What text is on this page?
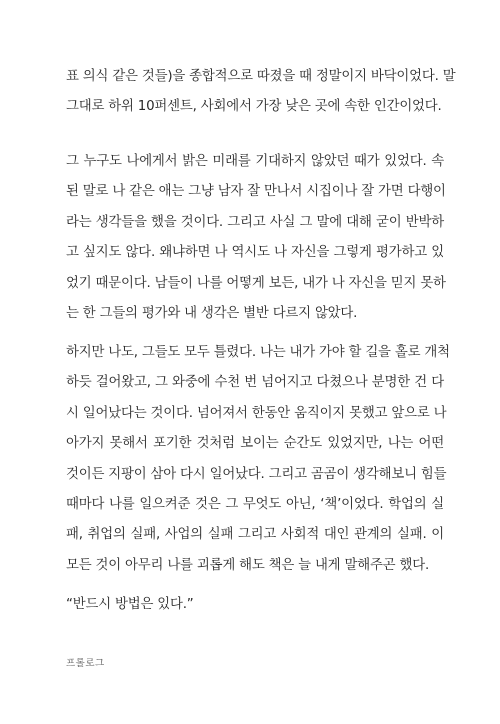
표 의식 같은 것들)을 종합적으로 따졌을 때 정말이지 바닥이었다. 말
그대로 하위 10퍼센트, 사회에서 가장 낮은 곳에 속한 인간이었다.
그 누구도 나에게서 밝은 미래를 기대하지 않았던 때가 있었다. 속
된 말로 나 같은 애는 그냥 남자 잘 만나서 시집이나 잘 가면 다행이
라는 생각들을 했을 것이다. 그리고 사실 그 말에 대해 굳이 반박하
고 싶지도 않다. 왜냐하면 나 역시도 나 자신을 그렇게 평가하고 있
었기 때문이다. 남들이 나를 어떻게 보든, 내가 나 자신을 믿지 못하
는 한 그들의 평가와 내 생각은 별반 다르지 않았다.
하지만 나도, 그들도 모두 틀렸다. 나는 내가 가야 할 길을 홀로 개척
하듯 걸어왔고, 그 와중에 수천 번 넘어지고 다쳤으나 분명한 건 다
시 일어났다는 것이다. 넘어져서 한동안 움직이지 못했고 앞으로 나
아가지 못해서 포기한 것처럼 보이는 순간도 있었지만, 나는 어떤
것이든 지팡이 삼아 다시 일어났다. 그리고 곰곰이 생각해보니 힘들
때마다 나를 일으켜준 것은 그 무엇도 아닌, ‘책’이었다. 학업의 실
패, 취업의 실패, 사업의 실패 그리고 사회적 대인 관계의 실패. 이
모든 것이 아무리 나를 괴롭게 해도 책은 늘 내게 말해주곤 했다.
“반드시 방법은 있다.”
프롤로그
